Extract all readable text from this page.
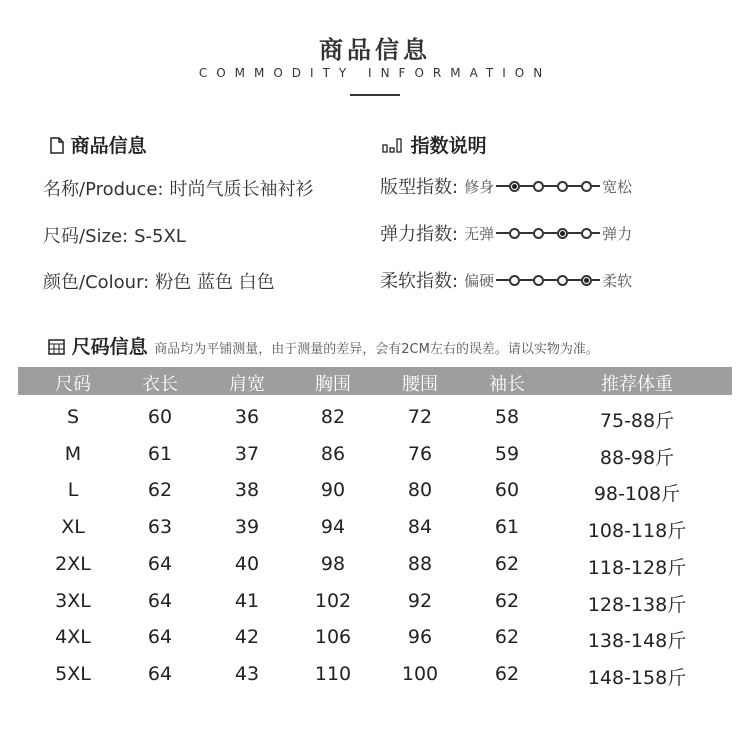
商品信息
COMMODITY INFORMATION
商品信息
名称/Produce: 时尚气质长袖衬衫
尺码/Size: S-5XL
颜色/Colour: 粉色 蓝色 白色
指数说明
版型指数: 修身	宽松
弹力指数: 无弹	弹力
柔软指数: 偏硬	柔软
尺码信息 商品均为平铺测量，由于测量的差异，会有2CM左右的误差。请以实物为准。
尺码	衣长	肩宽	胸围	腰围	袖长	推荐体重
S	60	36	82	72	58	75-88斤
M	61	37	86	76	59	88-98斤
L	62	38	90	80	60	98-108斤
XL	63	39	94	84	61	108-118斤
2XL	64	40	98	88	62	118-128斤
3XL	64	41	102	92	62	128-138斤
4XL	64	42	106	96	62	138-148斤
5XL	64	43	110	100	62	148-158斤
